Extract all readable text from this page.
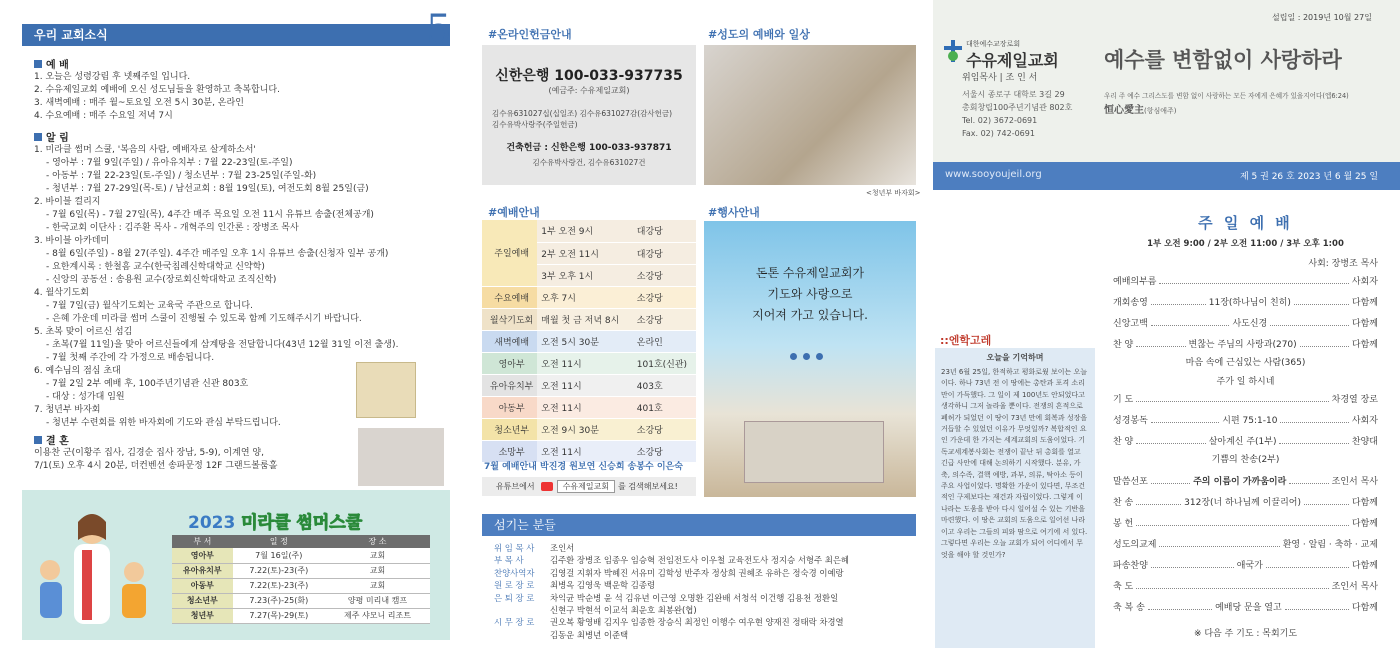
우리 교회소식	5
예 배
1. 오늘은 성령강림 후 넷째주일 입니다.
2. 수유제일교회 예배에 오신 성도님들을 환영하고 축복합니다.
3. 새벽예배 : 매주 월~토요일 오전 5시 30분, 온라인
4. 수요예배 : 매주 수요일 저녁 7시
알 림
1. 미라클 썸머 스쿨, '복음의 사람, 예배자로 살게하소서'
- 영아부 : 7월 9일(주일) / 유아유치부 : 7월 22-23일(토-주일)
- 아동부 : 7월 22-23일(토-주일) / 청소년부 : 7월 23-25일(주일-화)
- 청년부 : 7월 27-29일(목-토) / 남선교회 : 8월 19일(토), 여전도회 8월 25일(금)
2. 바이블 컬리지
- 7월 6일(목) - 7월 27일(목), 4주간 매주 목요일 오전 11시 유튜브 송출(전체공개)
- 한국교회 이단사 : 김주환 목사 - 개혁주의 인간론 : 장병조 목사
3. 바이블 아카데미
- 8월 6일(주일) - 8월 27(주일). 4주간 매주일 오후 1시 유튜브 송출(신청자 일부 공개)
- 요한계시록 : 한철흠 교수(한국침례신학대학교 신약학)
- 신앙의 공동선 : 송용원 교수(장로회신학대학교 조직신학)
4. 월삭기도회
- 7월 7일(금) 월삭기도회는 교육국 주관으로 합니다.
- 은혜 가운데 미라클 썸머 스쿨이 진행될 수 있도록 함께 기도해주시기 바랍니다.
5. 초복 맞이 어르신 섬김
- 초복(7월 11일)을 맞아 어르신들에게 삼계탕을 전달합니다(43년 12월 31일 이전 출생).
- 7월 첫째 주간에 각 가정으로 배송됩니다.
6. 예수님의 점심 초대
- 7월 2일 2부 예배 후, 100주년기념관 신관 803호
- 대상 : 성가대 임원
7. 청년부 바자회
- 청년부 수련회를 위한 바자회에 기도와 관심 부탁드립니다.
결 혼
이용찬 군(이황주 집사, 김경순 집사 장남, 5-9), 이계연 양,
7/1(토) 오후 4시 20분, 더컨벤션 송파문정 12F 그랜드볼룸홀
2023 미라클 썸머스쿨
부 서	일 정	장 소
영아부	7월 16일(주)	교회
유아유치부	7.22(토)-23(주)	교회
아동부	7.22(토)-23(주)	교회
청소년부	7.23(주)-25(화)	양평 미리내 캠프
청년부	7.27(목)-29(토)	제주 샤모니 리조트
#온라인헌금안내
신한은행 100-033-937735
(예금주: 수유제일교회)
김수유631027십(십일조) 김수유631027감(감사헌금)
김수유박사랑주(주일헌금)
건축헌금 : 신한은행 100-033-937871
김수유박사랑건, 김수유631027건
#성도의 예배와 일상
<청년부 바자회>
#예배안내
주일예배	1부 오전 9시	대강당
	2부 오전 11시	대강당
	3부 오후 1시	소강당
수요예배	오후 7시	소강당
월삭기도회	매월 첫 금 저녁 8시	소강당
새벽예배	오전 5시 30분	온라인
영아부	오전 11시	101호(신관)
유아유치부	오전 11시	403호
아동부	오전 11시	401호
청소년부	오전 9시 30분	소강당
소망부	오전 11시	소강당
7월 예배안내 박진경 원보연 신승희 송봉수 이은숙
유튜브에서	수유제일교회	를 검색해보세요!
#행사안내
돈톤 수유제일교회가
기도와 사랑으로
지어져 가고 있습니다.
섬기는 분들
위 임 목 사 조인서
부 목 사	김주환 장병조 임종우 임승혁 전임전도사 이우철 교육전도사 정지승 서형주 최은혜
찬양사역자 김영걸 지휘자 박혜진 서유미 김학성 반주자 정상희 권혜조 유하은 정숙경 이예랑
원 로 장 로 최병옥 김영욱 백운학 김종령
은 퇴 장 로 차익균 박순병 윤 석 김유년 이근영 오명환 김완배 서청석 이건행 김용천 정환일
신현구 박현석 이교석 최운호 최봉완(협)
시 무 장 로 권오복 황영배 김지우 임종한 장승식 최정인 이행수 여우현 양재진 정태락 차경열
김동운 최병년 이준택
설립일 : 2019년 10월 27일
대한예수교장로회
수유제일교회
위임목사 | 조 인 서
서울시 종로구 대학로 3길 29
총회창립100주년기념관 802호
Tel. 02) 3672-0691
Fax. 02) 742-0691
예수를 변함없이 사랑하라
우리 주 예수 그리스도를 변함 없이 사랑하는 모든 자에게 은혜가 있을지어다(엡6:24)
恒心愛主(항심애주)
www.sooyoujeil.org	제 5 권 26 호 2023 년 6 월 25 일
주 일 예 배
1부 오전 9:00 / 2부 오전 11:00 / 3부 오후 1:00
사회: 장병조 목사
예배의부름	사회자
개회송영	11장(하나님이 친히)	다함께
신앙고백	사도신경	다함께
찬 양	변찮는 주님의 사랑과(270)	다함께
마음 속에 근심있는 사람(365)
주가 일 하시네
기 도	차경열 장로
성경봉독	시편 75:1-10	사회자
찬 양	살아계신 주(1부)	찬양대
기쁨의 찬송(2부)
말씀선포	주의 이름이 가까움이라	조인서 목사
찬 송	312장(너 하나님께 이끌리어)	다함께
봉 헌	다함께
성도의교제	환영 · 알림 · 축하 · 교제
파송찬양	애국가	다함께
축 도	조인서 목사
축 복 송	예배당 문을 열고	다함께
※ 다음 주 기도 : 목회기도
::엔학고레
오늘을 기억하며

23년 6월 25일, 한적하고 평화로웠 보이는 오늘이다. 하나 73년 전 이 땅에는 총탄과 포격 소리만이 가득했다. 그 일이 제 100년도 안되었다고 생각하니 그저 놀라울 뿐이다. 전쟁의 흔적으로 폐허가 되었던 이 땅이 73년 만에 회복과 성장을 거듭할 수 있었던 이유가 무엇일까? 복합적인 요인 가운데 한 가지는 세계교회의 도움이었다. 기독교세계봉사회는 전쟁이 끝난 뒤 총회를 열고 긴급 사안에 대해 논의하기 시작했다. 분유, 가축, 의수족, 결핵 예방, 과부, 의류, 탁아소 등이 주요 사업이었다. 명확한 가운이 있다면, 무조건적인 구제보다는 재건과 자립이었다. 그렇게 이 나라는 도움을 받아 다시 일어설 수 있는 기반을 마련했다. 이 땅은 교회의 도움으로 일어선 나라이고 우리는 그들의 피와 땀으로 여기에 서 있다. 그렇다면 우리는 오늘 교회가 되어 어디에서 무엇을 해야 할 것인가?
